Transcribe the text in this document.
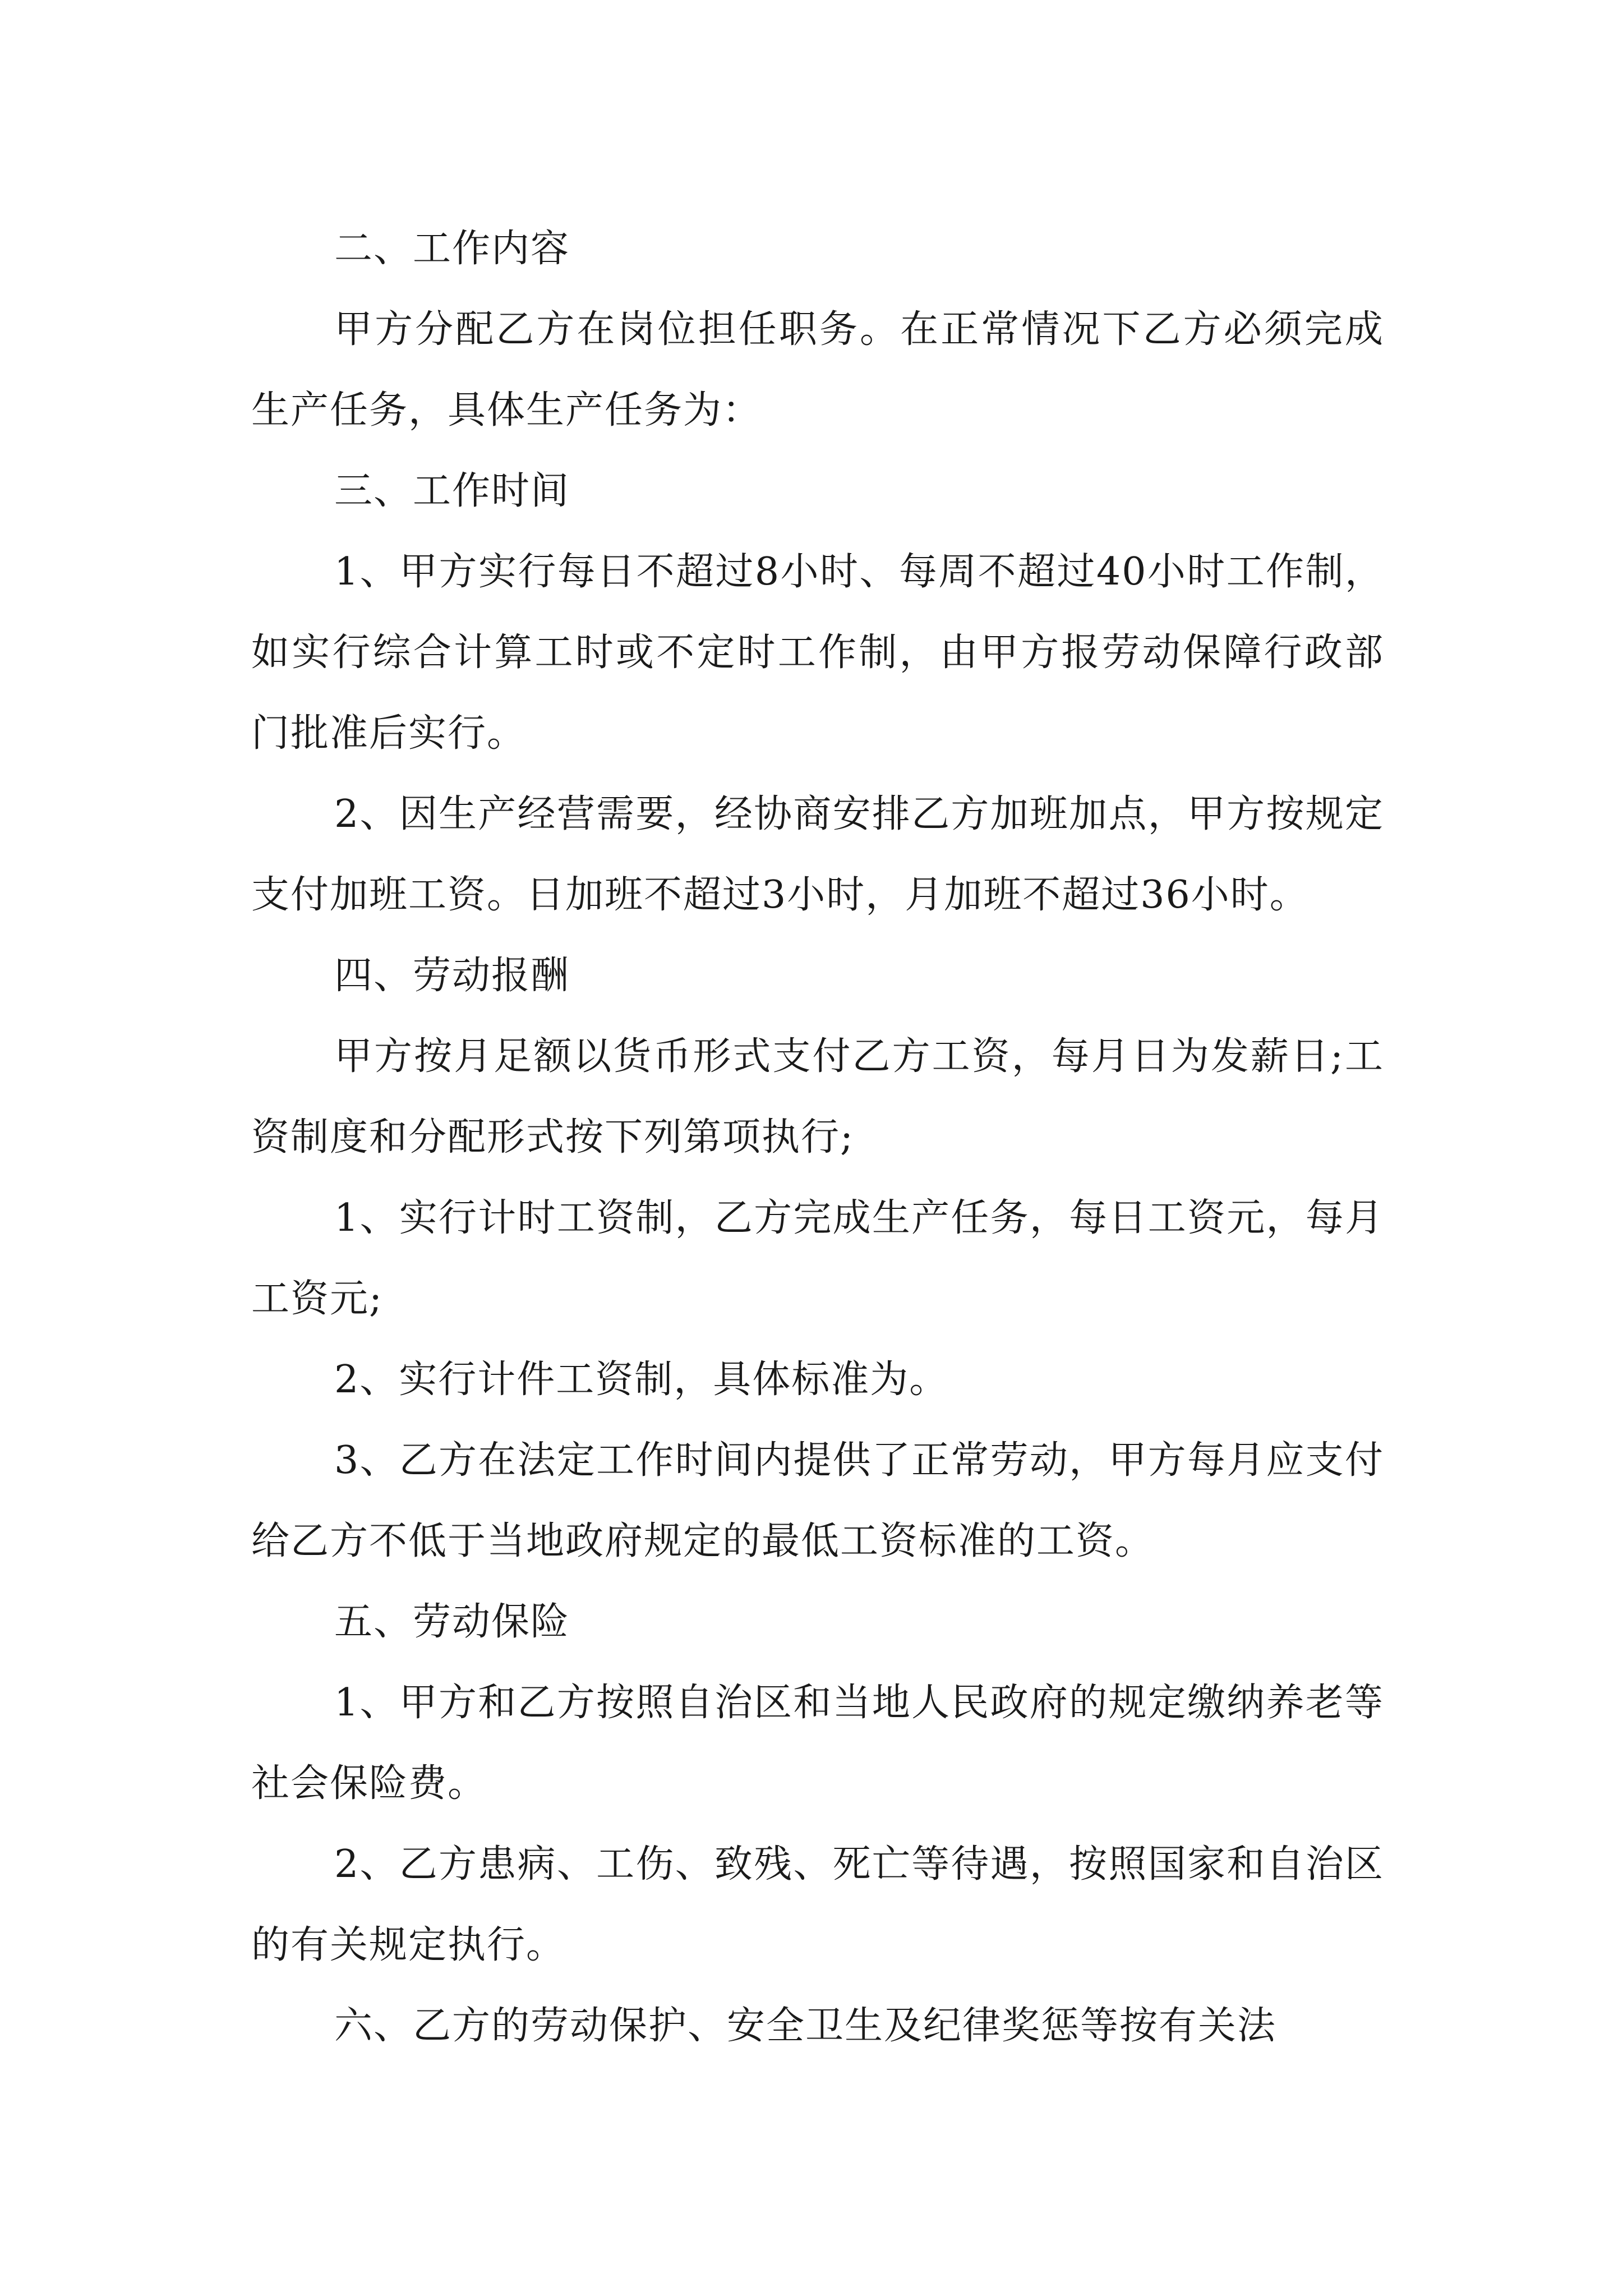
二、工作内容

甲方分配乙方在岗位担任职务。在正常情况下乙方必须完成生产任务，具体生产任务为：

三、工作时间

1、甲方实行每日不超过8小时、每周不超过40小时工作制，如实行综合计算工时或不定时工作制，由甲方报劳动保障行政部门批准后实行。

2、因生产经营需要，经协商安排乙方加班加点，甲方按规定支付加班工资。日加班不超过3小时，月加班不超过36小时。

四、劳动报酬

甲方按月足额以货币形式支付乙方工资，每月日为发薪日;工资制度和分配形式按下列第项执行;

1、实行计时工资制，乙方完成生产任务，每日工资元，每月工资元;

2、实行计件工资制，具体标准为。

3、乙方在法定工作时间内提供了正常劳动，甲方每月应支付给乙方不低于当地政府规定的最低工资标准的工资。

五、劳动保险

1、甲方和乙方按照自治区和当地人民政府的规定缴纳养老等社会保险费。

2、乙方患病、工伤、致残、死亡等待遇，按照国家和自治区的有关规定执行。

六、乙方的劳动保护、安全卫生及纪律奖惩等按有关法
